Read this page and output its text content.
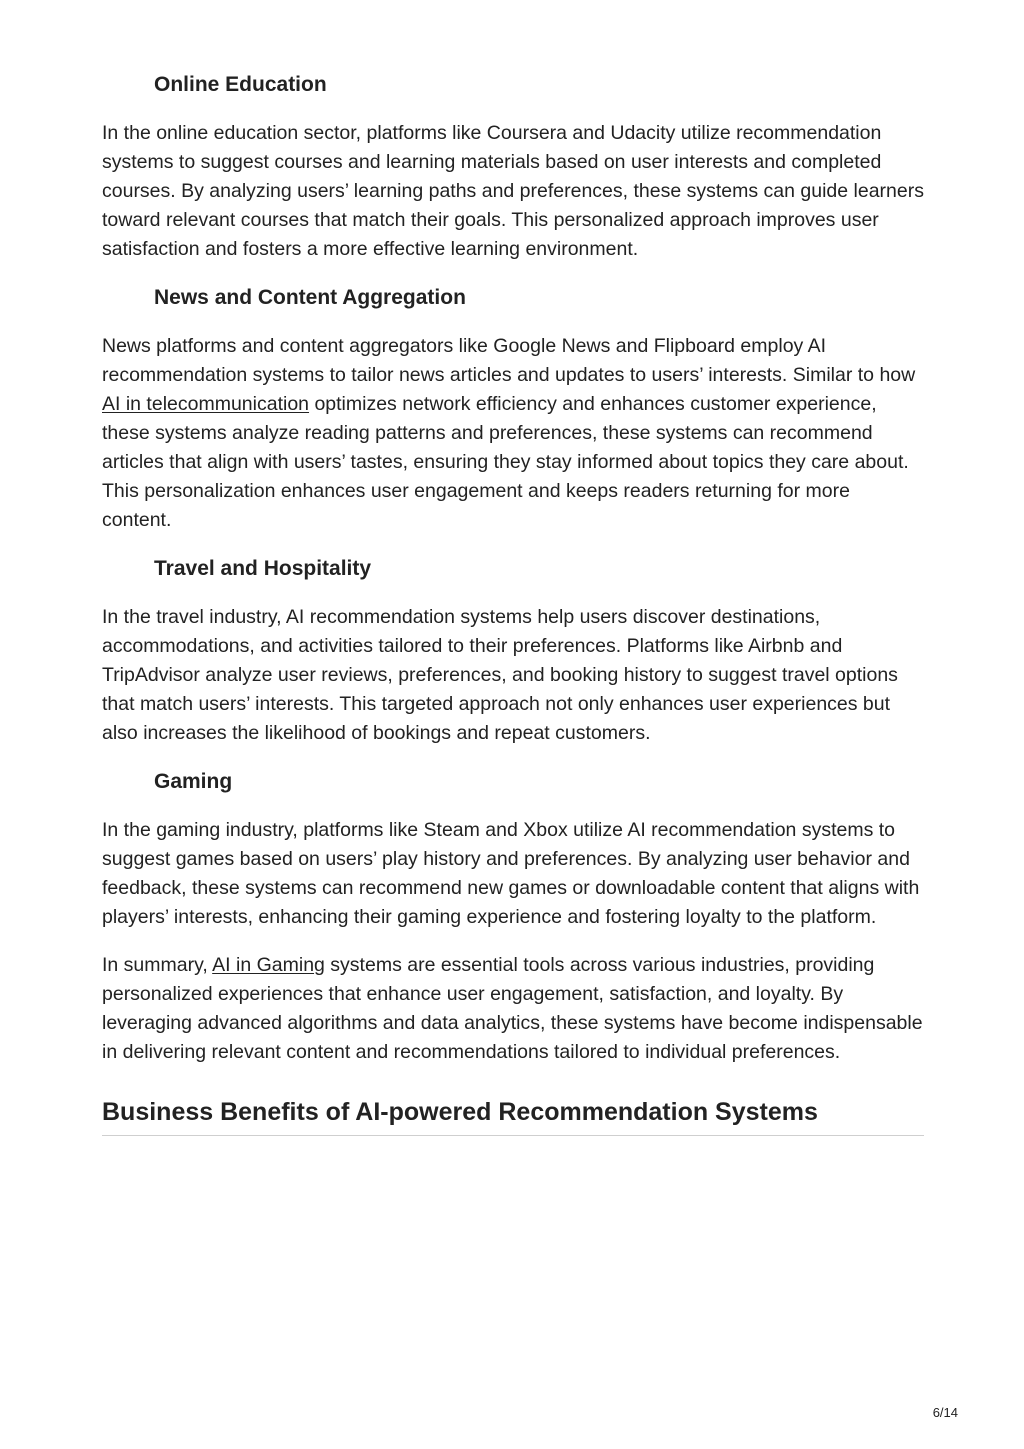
Online Education

In the online education sector, platforms like Coursera and Udacity utilize recommendation systems to suggest courses and learning materials based on user interests and completed courses. By analyzing users’ learning paths and preferences, these systems can guide learners toward relevant courses that match their goals. This personalized approach improves user satisfaction and fosters a more effective learning environment.

News and Content Aggregation

News platforms and content aggregators like Google News and Flipboard employ AI recommendation systems to tailor news articles and updates to users’ interests. Similar to how AI in telecommunication optimizes network efficiency and enhances customer experience, these systems analyze reading patterns and preferences, these systems can recommend articles that align with users’ tastes, ensuring they stay informed about topics they care about. This personalization enhances user engagement and keeps readers returning for more content.

Travel and Hospitality

In the travel industry, AI recommendation systems help users discover destinations, accommodations, and activities tailored to their preferences. Platforms like Airbnb and TripAdvisor analyze user reviews, preferences, and booking history to suggest travel options that match users’ interests. This targeted approach not only enhances user experiences but also increases the likelihood of bookings and repeat customers.

Gaming

In the gaming industry, platforms like Steam and Xbox utilize AI recommendation systems to suggest games based on users’ play history and preferences. By analyzing user behavior and feedback, these systems can recommend new games or downloadable content that aligns with players’ interests, enhancing their gaming experience and fostering loyalty to the platform.

In summary, AI in Gaming systems are essential tools across various industries, providing personalized experiences that enhance user engagement, satisfaction, and loyalty. By leveraging advanced algorithms and data analytics, these systems have become indispensable in delivering relevant content and recommendations tailored to individual preferences.

Business Benefits of AI-powered Recommendation Systems
6/14
